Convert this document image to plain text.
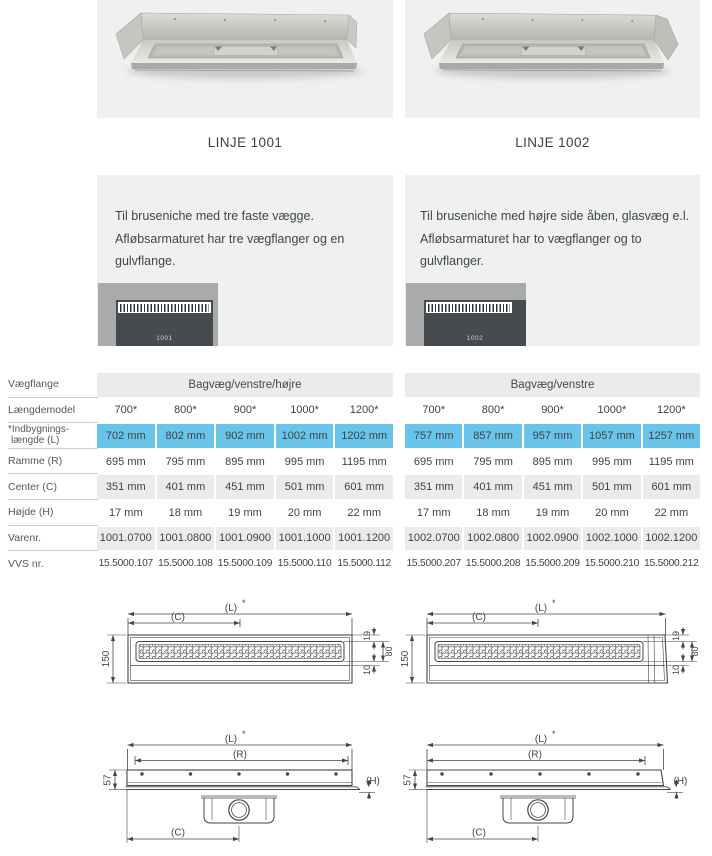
LINJE 1001	LINJE 1002
Til bruseniche med tre faste vægge.
Afløbsarmaturet har tre vægflanger og en
gulvflange.
1001
Til bruseniche med højre side åben, glasvæg e.l.
Afløbsarmaturet har to vægflanger og to
gulvflanger.
1002
Vægflange	Bagvæg/venstre/højre	Bagvæg/venstre
Længdemodel	700*	800*	900*	1000*	1200*	700*	800*	900*	1000*	1200*
*Indbygnings-
længde (L)	702 mm	802 mm	902 mm	1002 mm	1202 mm	757 mm	857 mm	957 mm	1057 mm	1257 mm
Ramme (R)	695 mm	795 mm	895 mm	995 mm	1195 mm	695 mm	795 mm	895 mm	995 mm	1195 mm
Center (C)	351 mm	401 mm	451 mm	501 mm	601 mm	351 mm	401 mm	451 mm	501 mm	601 mm
Højde (H)	17 mm	18 mm	19 mm	20 mm	22 mm	17 mm	18 mm	19 mm	20 mm	22 mm
Varenr.	1001.0700 1001.0800 1001.0900 1001.1000 1001.1200 1002.0700 1002.0800 1002.0900 1002.1000 1002.1200
VVS nr.	15.5000.107 15.5000.108 15.5000.109 15.5000.110 15.5000.112 15.5000.207 15.5000.208 15.5000.209 15.5000.210 15.5000.212
(L) *
(C)
150
19
80
10
(L) *
(C)
150
19
80
10
(L) *
(R)
57	(H)
(C)
(L) *
(R)
57	(H)
(C)
